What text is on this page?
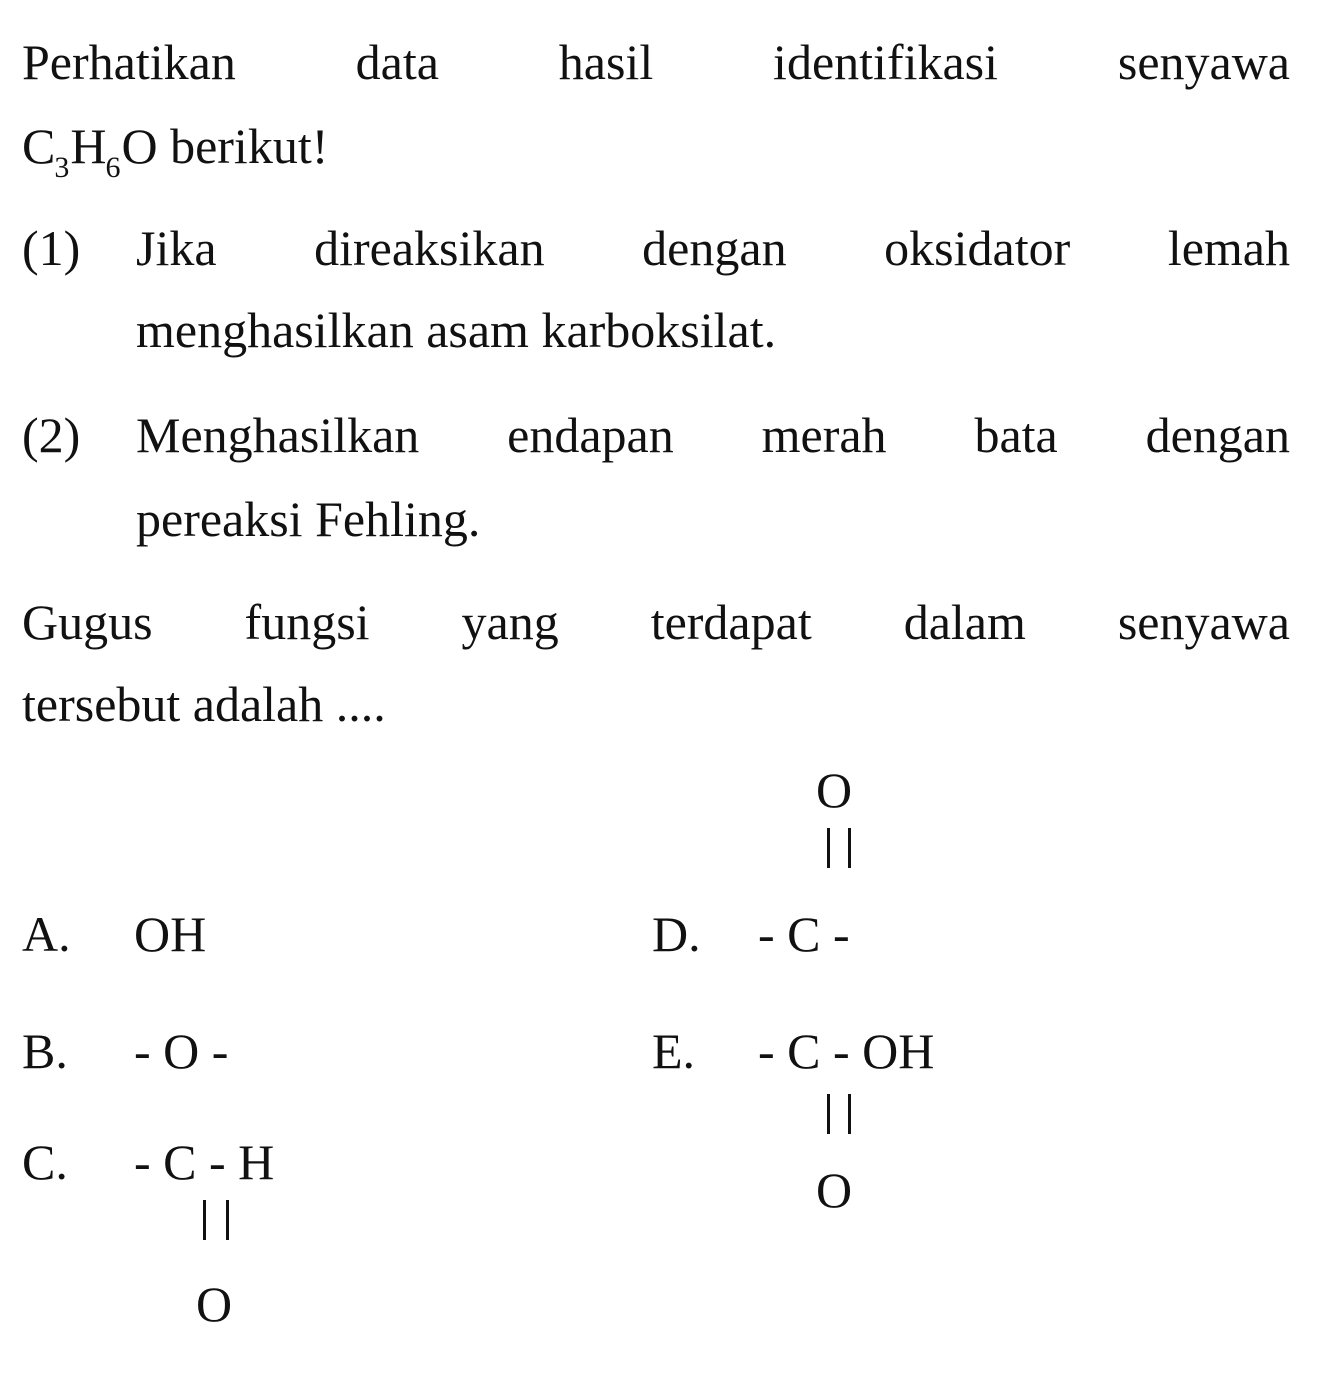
Perhatikan data hasil identifikasi senyawa
$C_3H_6O$ berikut!
(1) Jika direaksikan dengan oksidator lemah
menghasilkan asam karboksilat.
(2) Menghasilkan endapan merah bata dengan
pereaksi Fehling.
Gugus fungsi yang terdapat dalam senyawa
tersebut adalah ....
A. OH
B. - O -
C. - C - H
O
O
D. - C -
E. - C - OH
O
